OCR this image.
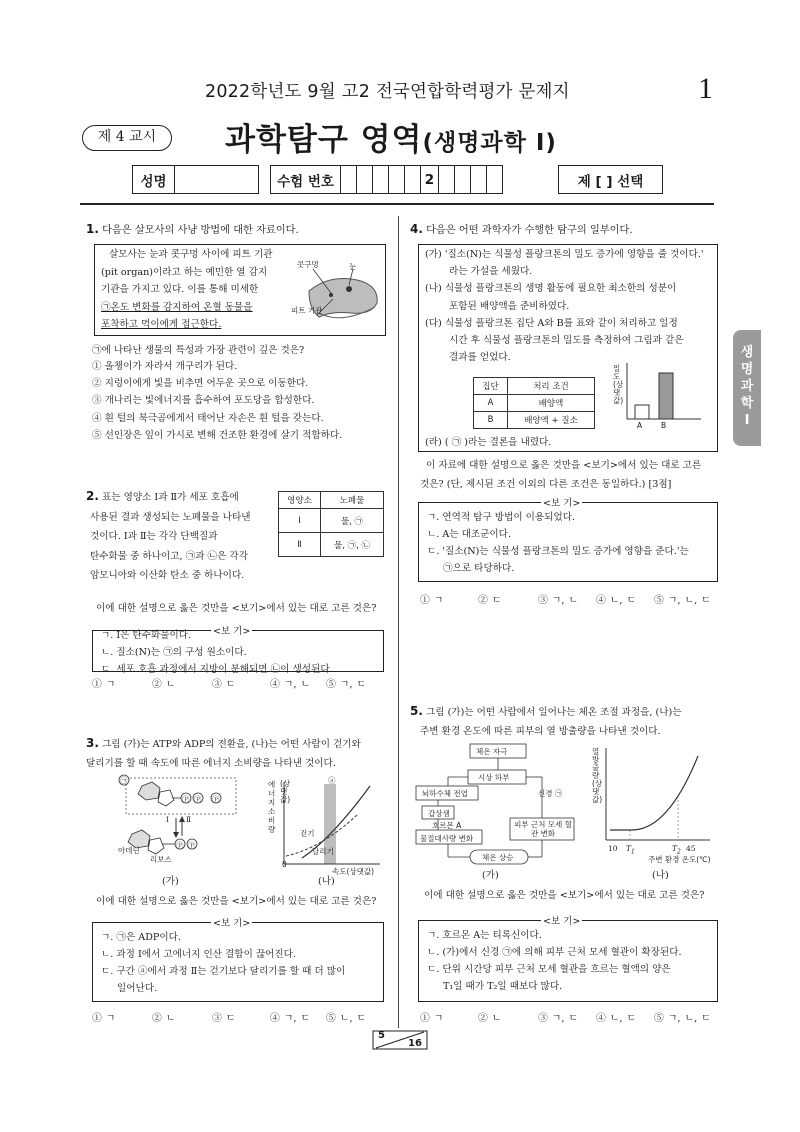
2022학년도 9월 고2 전국연합학력평가 문제지	1
제 4 교시	과학탐구 영역(생명과학 Ⅰ)
성명		수험 번호						2					제 [ ] 선택
생명과학Ⅰ
1. 다음은 살모사의 사냥 방법에 대한 자료이다.
살모사는 눈과 콧구멍 사이에 피트 기관
(pit organ)이라고 하는 예민한 열 감지
기관을 가지고 있다. 이를 통해 미세한
㉠온도 변화를 감지하여 온혈 동물을
포착하고 먹이에게 접근한다.
콧구멍	눈
피트 기관
㉠에 나타난 생물의 특성과 가장 관련이 깊은 것은?
① 올챙이가 자라서 개구리가 된다.
② 지렁이에게 빛을 비추면 어두운 곳으로 이동한다.
③ 개나리는 빛에너지를 흡수하여 포도당을 합성한다.
④ 흰 털의 북극곰에게서 태어난 자손은 흰 털을 갖는다.
⑤ 선인장은 잎이 가시로 변해 건조한 환경에 살기 적합하다.
2. 표는 영양소 Ⅰ과 Ⅱ가 세포 호흡에
사용된 결과 생성되는 노폐물을 나타낸
것이다. Ⅰ과 Ⅱ는 각각 단백질과
탄수화물 중 하나이고, ㉠과 ㉡은 각각
암모니아와 이산화 탄소 중 하나이다.
영양소	노폐물
Ⅰ	물, ㉠
Ⅱ	물, ㉠, ㉡
이에 대한 설명으로 옳은 것만을 <보기>에서 있는 대로 고른 것은?
<보 기>
ㄱ. Ⅰ은 탄수화물이다.
ㄴ. 질소(N)는 ㉠의 구성 원소이다.
ㄷ. 세포 호흡 과정에서 지방이 분해되면 ㉡이 생성된다.
① ㄱ	② ㄴ	③ ㄷ	④ ㄱ, ㄴ ⑤ ㄱ, ㄷ
3. 그림 (가)는 ATP와 ADP의 전환을, (나)는 어떤 사람이 걷기와
달리기를 할 때 속도에 따른 에너지 소비량을 나타낸 것이다.
㉠
Ⓟ Ⓟ Ⓟ
Ⓟ Ⓟ
Ⅰ Ⅱ
아데닌
리보스
에너지 소비량
(상댓값)
ⓐ
걷기
달리기
0
속도(상댓값)
(가)	(나)
이에 대한 설명으로 옳은 것만을 <보기>에서 있는 대로 고른 것은?
<보 기>
ㄱ. ㉠은 ADP이다.
ㄴ. 과정 Ⅰ에서 고에너지 인산 결합이 끊어진다.
ㄷ. 구간 ⓐ에서 과정 Ⅱ는 걷기보다 달리기를 할 때 더 많이
일어난다.
① ㄱ	② ㄴ	③ ㄷ	④ ㄱ, ㄷ ⑤ ㄴ, ㄷ
4. 다음은 어떤 과학자가 수행한 탐구의 일부이다.
(가) '질소(N)는 식물성 플랑크톤의 밀도 증가에 영향을 줄 것이다.'
라는 가설을 세웠다.
(나) 식물성 플랑크톤의 생명 활동에 필요한 최소한의 성분이
포함된 배양액을 준비하였다.
(다) 식물성 플랑크톤 집단 A와 B를 표와 같이 처리하고 일정
시간 후 식물성 플랑크톤의 밀도를 측정하여 그림과 같은
결과를 얻었다.
집단	처리 조건
A	배양액
B	배양액 + 질소
밀도(상댓값)
A	B
(라) ( ㉠ )라는 결론을 내렸다.
이 자료에 대한 설명으로 옳은 것만을 <보기>에서 있는 대로 고른
것은? (단, 제시된 조건 이외의 다른 조건은 동일하다.) [3점]
<보 기>
ㄱ. 연역적 탐구 방법이 이용되었다.
ㄴ. A는 대조군이다.
ㄷ. '질소(N)는 식물성 플랑크톤의 밀도 증가에 영향을 준다.'는
㉠으로 타당하다.
① ㄱ	② ㄷ	③ ㄱ, ㄴ ④ ㄴ, ㄷ ⑤ ㄱ, ㄴ, ㄷ
5. 그림 (가)는 어떤 사람에서 일어나는 체온 조절 과정을, (나)는
주변 환경 온도에 따른 피부의 열 방출량을 나타낸 것이다.
체온 자극
시상 하부
뇌하수체 전엽	신경 ㉠
갑상샘
호르몬 A
물질대사량 변화
피부 근처 모세 혈관 변화
체온 상승
열 방출량(상댓값)
10 $T_1$	$T_2$ 45
주변 환경 온도(℃)
(가)	(나)
이에 대한 설명으로 옳은 것만을 <보기>에서 있는 대로 고른 것은?
<보 기>
ㄱ. 호르몬 A는 티록신이다.
ㄴ. (가)에서 신경 ㉠에 의해 피부 근처 모세 혈관이 확장된다.
ㄷ. 단위 시간당 피부 근처 모세 혈관을 흐르는 혈액의 양은
T₁일 때가 T₂일 때보다 많다.
① ㄱ	② ㄴ	③ ㄱ, ㄷ ④ ㄴ, ㄷ ⑤ ㄱ, ㄴ, ㄷ
5
16
